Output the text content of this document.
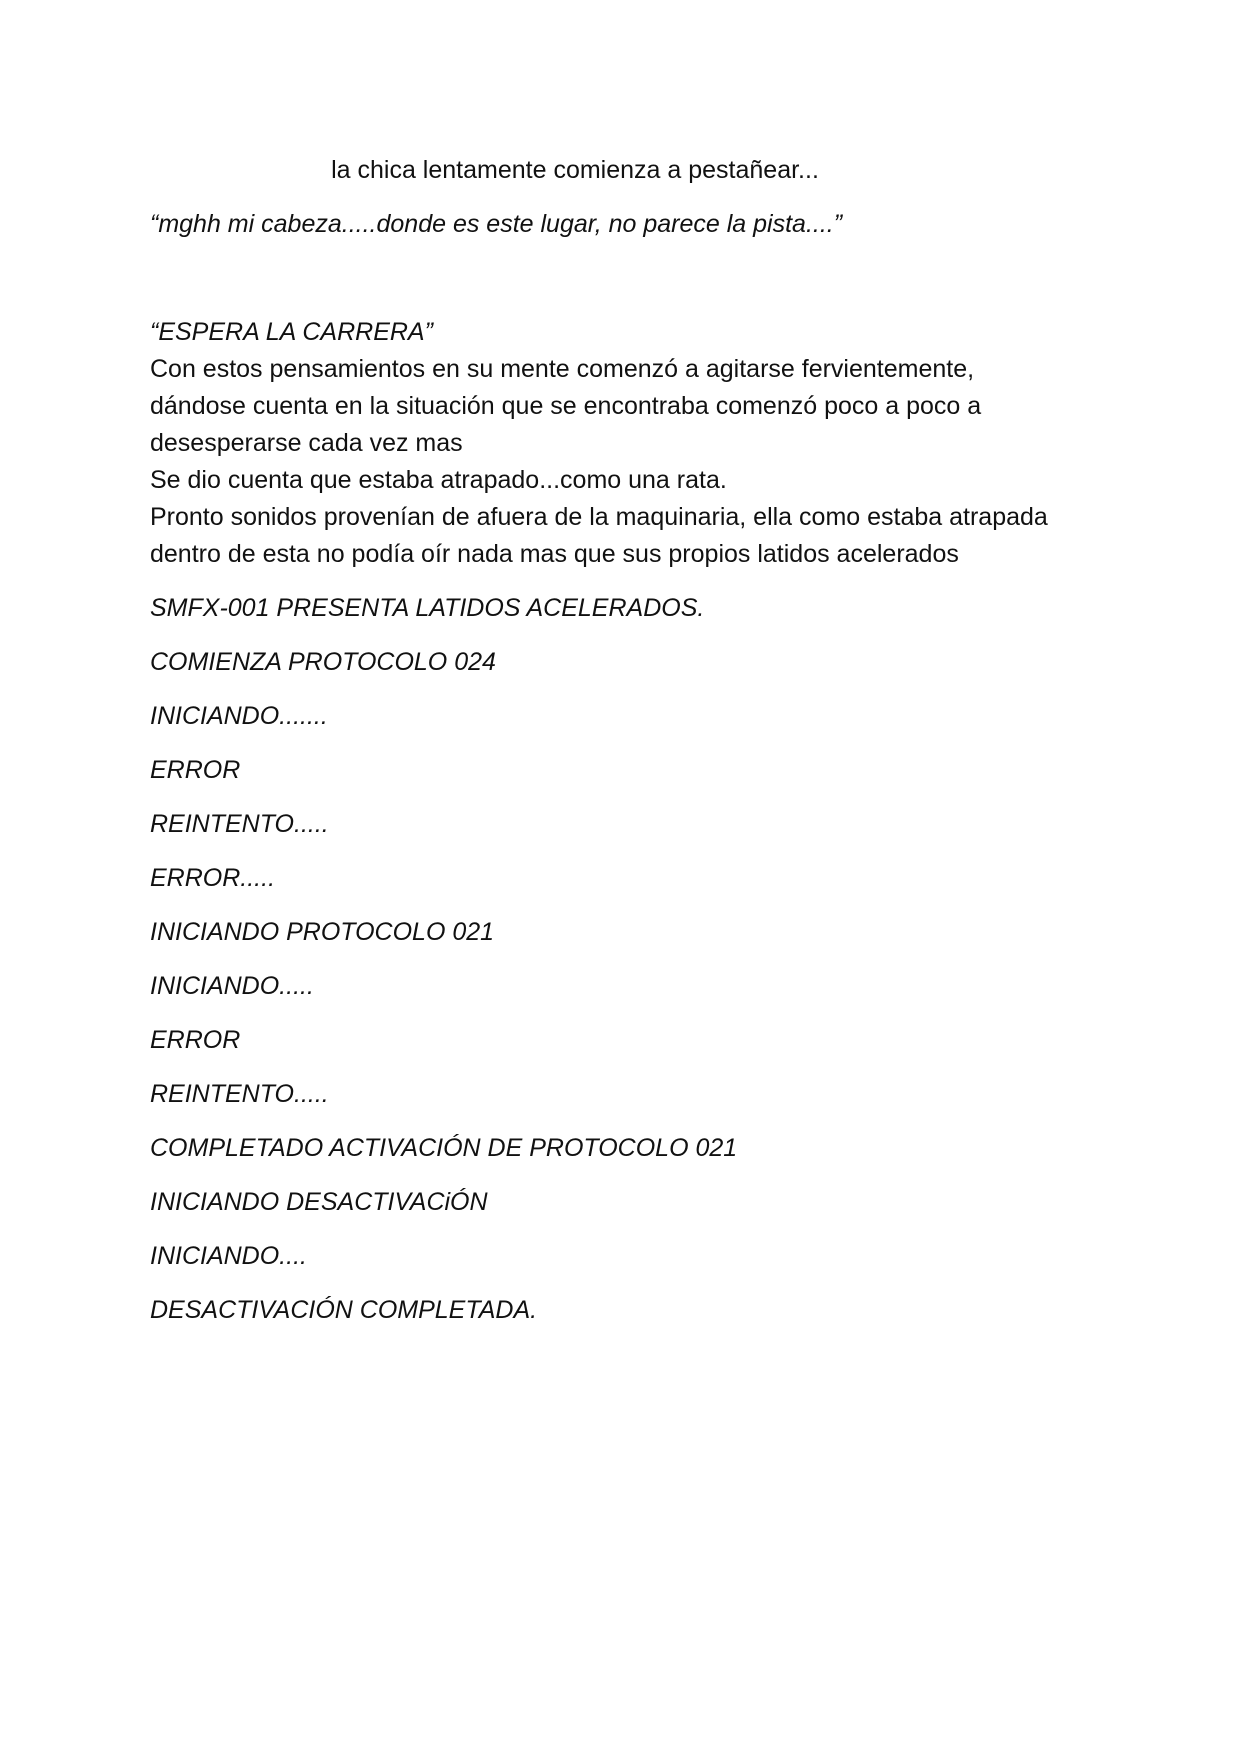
la chica lentamente comienza a pestañear...

“mghh mi cabeza.....donde es este lugar, no parece la pista....”

“ESPERA LA CARRERA”

Con estos pensamientos en su mente comenzó a agitarse fervientemente, dándose cuenta en la situación que se encontraba comenzó poco a poco a desesperarse cada vez mas

Se dio cuenta que estaba atrapado...como una rata.

Pronto sonidos provenían de afuera de la maquinaria, ella como estaba atrapada dentro de esta no podía oír nada mas que sus propios latidos acelerados

SMFX-001 PRESENTA LATIDOS ACELERADOS.

COMIENZA PROTOCOLO 024

INICIANDO.......

ERROR

REINTENTO.....

ERROR.....

INICIANDO PROTOCOLO 021

INICIANDO.....

ERROR

REINTENTO.....

COMPLETADO ACTIVACIÓN DE PROTOCOLO 021

INICIANDO DESACTIVACiÓN

INICIANDO....

DESACTIVACIÓN COMPLETADA.
